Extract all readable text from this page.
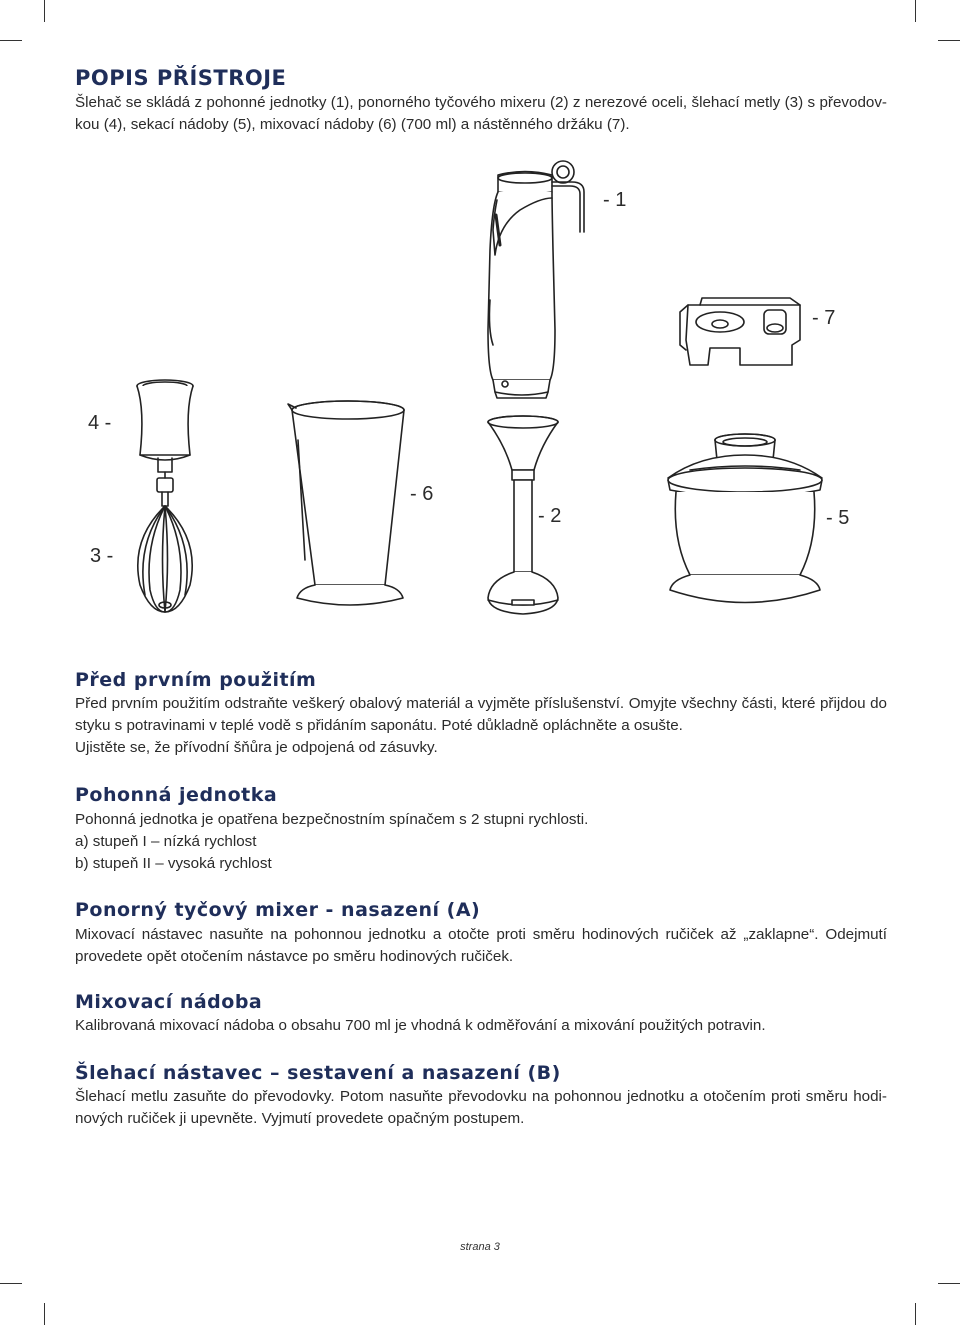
POPIS PŘÍSTROJE

Šlehač se skládá z pohonné jednotky (1), ponorného tyčového mixeru (2) z nerezové oceli, šlehací metly (3) s převodov-
kou (4), sekací nádoby (5), mixovací nádoby (6) (700 ml) a nástěnného držáku (7).

- 1
- 7
4 -
- 6
- 2	- 5
3 -
Před prvním použitím

Před prvním použitím odstraňte veškerý obalový materiál a vyjměte příslušenství. Omyjte všechny části, které přijdou do
styku s potravinami v teplé vodě s přidáním saponátu. Poté důkladně opláchněte a osušte.
Ujistěte se, že přívodní šňůra je odpojená od zásuvky.

Pohonná jednotka

Pohonná jednotka je opatřena bezpečnostním spínačem s 2 stupni rychlosti.
a) stupeň I – nízká rychlost
b) stupeň II – vysoká rychlost

Ponorný tyčový mixer - nasazení (A)

Mixovací nástavec nasuňte na pohonnou jednotku a otočte proti směru hodinových ručiček až „zaklapne“. Odejmutí
provedete opět otočením nástavce po směru hodinových ručiček.

Mixovací nádoba

Kalibrovaná mixovací nádoba o obsahu 700 ml je vhodná k odměřování a mixování použitých potravin.

Šlehací nástavec – sestavení a nasazení (B)

Šlehací metlu zasuňte do převodovky. Potom nasuňte převodovku na pohonnou jednotku a otočením proti směru hodi-
nových ručiček ji upevněte. Vyjmutí provedete opačným postupem.

strana 3
